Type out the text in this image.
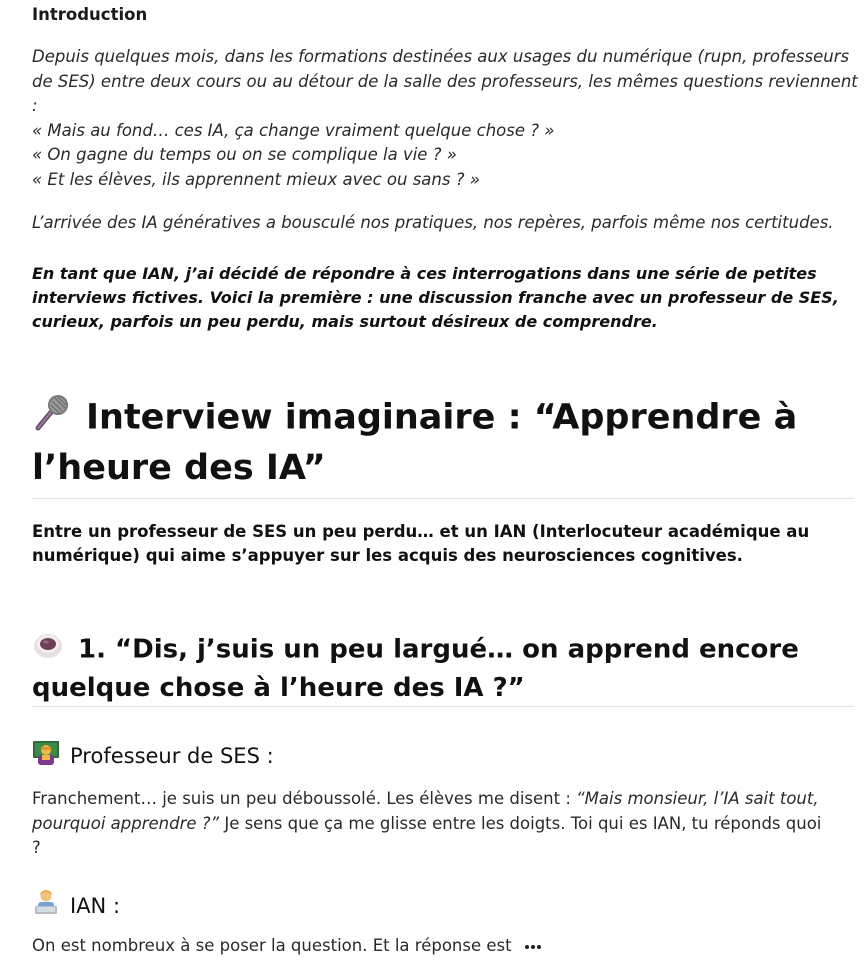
Introduction
Depuis quelques mois, dans les formations destinées aux usages du numérique (rupn, professeurs
de SES) entre deux cours ou au détour de la salle des professeurs, les mêmes questions reviennent
:
« Mais au fond… ces IA, ça change vraiment quelque chose ? »
« On gagne du temps ou on se complique la vie ? »
« Et les élèves, ils apprennent mieux avec ou sans ? »
L’arrivée des IA génératives a bousculé nos pratiques, nos repères, parfois même nos certitudes.
En tant que IAN, j’ai décidé de répondre à ces interrogations dans une série de petites
interviews fictives. Voici la première : une discussion franche avec un professeur de SES,
curieux, parfois un peu perdu, mais surtout désireux de comprendre.
Interview imaginaire : “Apprendre à
l’heure des IA”
Entre un professeur de SES un peu perdu… et un IAN (Interlocuteur académique au
numérique) qui aime s’appuyer sur les acquis des neurosciences cognitives.
1. “Dis, j’suis un peu largué… on apprend encore
quelque chose à l’heure des IA ?”
Professeur de SES :
Franchement… je suis un peu déboussolé. Les élèves me disent : “Mais monsieur, l’IA sait tout,
pourquoi apprendre ?” Je sens que ça me glisse entre les doigts. Toi qui es IAN, tu réponds quoi
?
IAN :
On est nombreux à se poser la question. Et la réponse est
